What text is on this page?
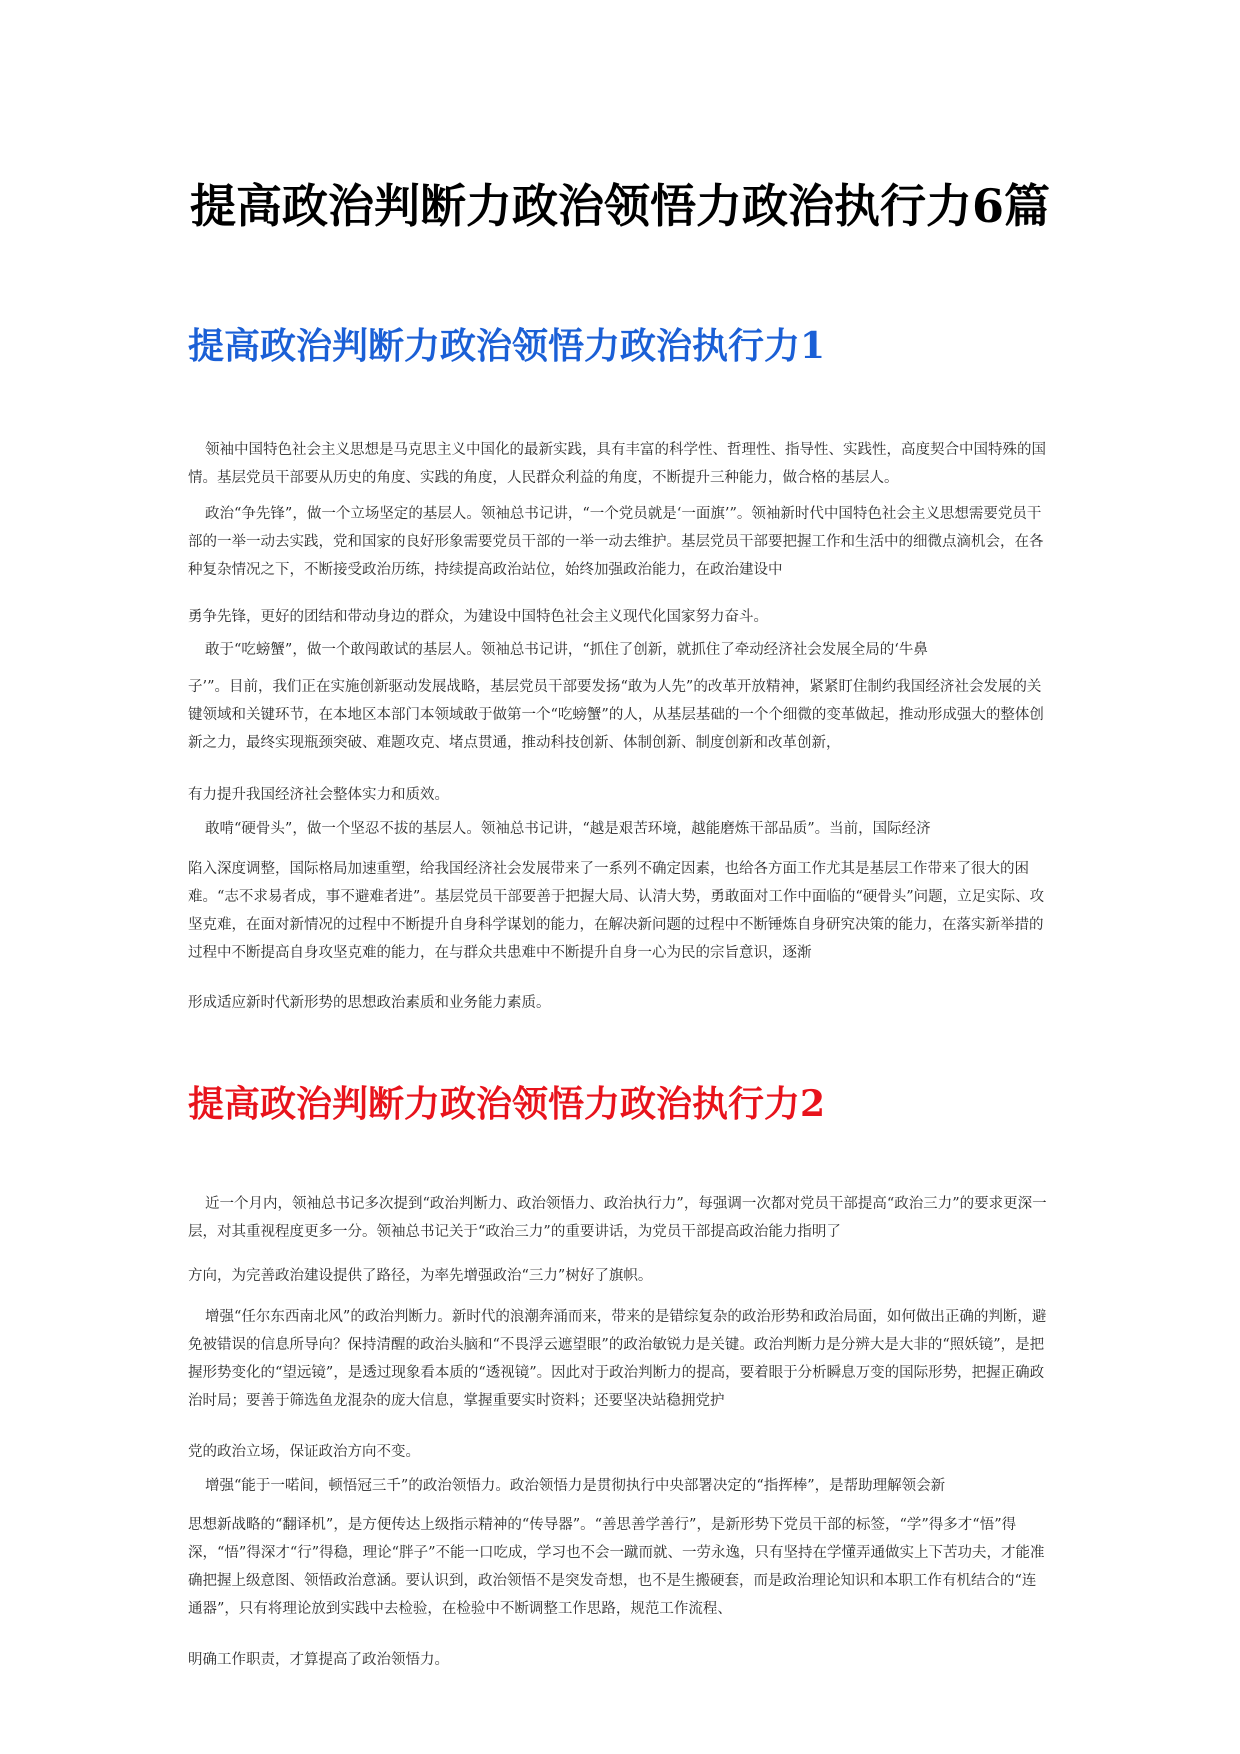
提高政治判断力政治领悟力政治执行力6篇
提高政治判断力政治领悟力政治执行力1

领袖中国特色社会主义思想是马克思主义中国化的最新实践，具有丰富的科学性、哲理性、指导性、实践性，高度契合中国特殊的国情。基层党员干部要从历史的角度、实践的角度，人民群众利益的角度，不断提升三种能力，做合格的基层人。

政治“争先锋”，做一个立场坚定的基层人。领袖总书记讲，“一个党员就是‘一面旗’”。领袖新时代中国特色社会主义思想需要党员干部的一举一动去实践，党和国家的良好形象需要党员干部的一举一动去维护。基层党员干部要把握工作和生活中的细微点滴机会，在各种复杂情况之下，不断接受政治历练，持续提高政治站位，始终加强政治能力，在政治建设中

勇争先锋，更好的团结和带动身边的群众，为建设中国特色社会主义现代化国家努力奋斗。

敢于“吃螃蟹”，做一个敢闯敢试的基层人。领袖总书记讲，“抓住了创新，就抓住了牵动经济社会发展全局的‘牛鼻

子’”。目前，我们正在实施创新驱动发展战略，基层党员干部要发扬“敢为人先”的改革开放精神，紧紧盯住制约我国经济社会发展的关键领域和关键环节，在本地区本部门本领域敢于做第一个“吃螃蟹”的人，从基层基础的一个个细微的变革做起，推动形成强大的整体创新之力，最终实现瓶颈突破、难题攻克、堵点贯通，推动科技创新、体制创新、制度创新和改革创新，

有力提升我国经济社会整体实力和质效。

敢啃“硬骨头”，做一个坚忍不拔的基层人。领袖总书记讲，“越是艰苦环境，越能磨炼干部品质”。当前，国际经济

陷入深度调整，国际格局加速重塑，给我国经济社会发展带来了一系列不确定因素，也给各方面工作尤其是基层工作带来了很大的困难。“志不求易者成，事不避难者进”。基层党员干部要善于把握大局、认清大势，勇敢面对工作中面临的“硬骨头”问题，立足实际、攻坚克难，在面对新情况的过程中不断提升自身科学谋划的能力，在解决新问题的过程中不断锤炼自身研究决策的能力，在落实新举措的过程中不断提高自身攻坚克难的能力，在与群众共患难中不断提升自身一心为民的宗旨意识，逐渐

形成适应新时代新形势的思想政治素质和业务能力素质。

提高政治判断力政治领悟力政治执行力2

近一个月内，领袖总书记多次提到“政治判断力、政治领悟力、政治执行力”，每强调一次都对党员干部提高“政治三力”的要求更深一层，对其重视程度更多一分。领袖总书记关于“政治三力”的重要讲话，为党员干部提高政治能力指明了

方向，为完善政治建设提供了路径，为率先增强政治“三力”树好了旗帜。

增强“任尔东西南北风”的政治判断力。新时代的浪潮奔涌而来，带来的是错综复杂的政治形势和政治局面，如何做出正确的判断，避免被错误的信息所导向？保持清醒的政治头脑和“不畏浮云遮望眼”的政治敏锐力是关键。政治判断力是分辨大是大非的“照妖镜”，是把握形势变化的“望远镜”，是透过现象看本质的“透视镜”。因此对于政治判断力的提高，要着眼于分析瞬息万变的国际形势，把握正确政治时局；要善于筛选鱼龙混杂的庞大信息，掌握重要实时资料；还要坚决站稳拥党护

党的政治立场，保证政治方向不变。

增强“能于一喏间，顿悟冠三千”的政治领悟力。政治领悟力是贯彻执行中央部署决定的“指挥棒”，是帮助理解领会新

思想新战略的“翻译机”，是方便传达上级指示精神的“传导器”。“善思善学善行”，是新形势下党员干部的标签，“学”得多才“悟”得深，“悟”得深才“行”得稳，理论“胖子”不能一口吃成，学习也不会一蹴而就、一劳永逸，只有坚持在学懂弄通做实上下苦功夫，才能准确把握上级意图、领悟政治意涵。要认识到，政治领悟不是突发奇想，也不是生搬硬套，而是政治理论知识和本职工作有机结合的“连通器”，只有将理论放到实践中去检验，在检验中不断调整工作思路，规范工作流程、

明确工作职责，才算提高了政治领悟力。
